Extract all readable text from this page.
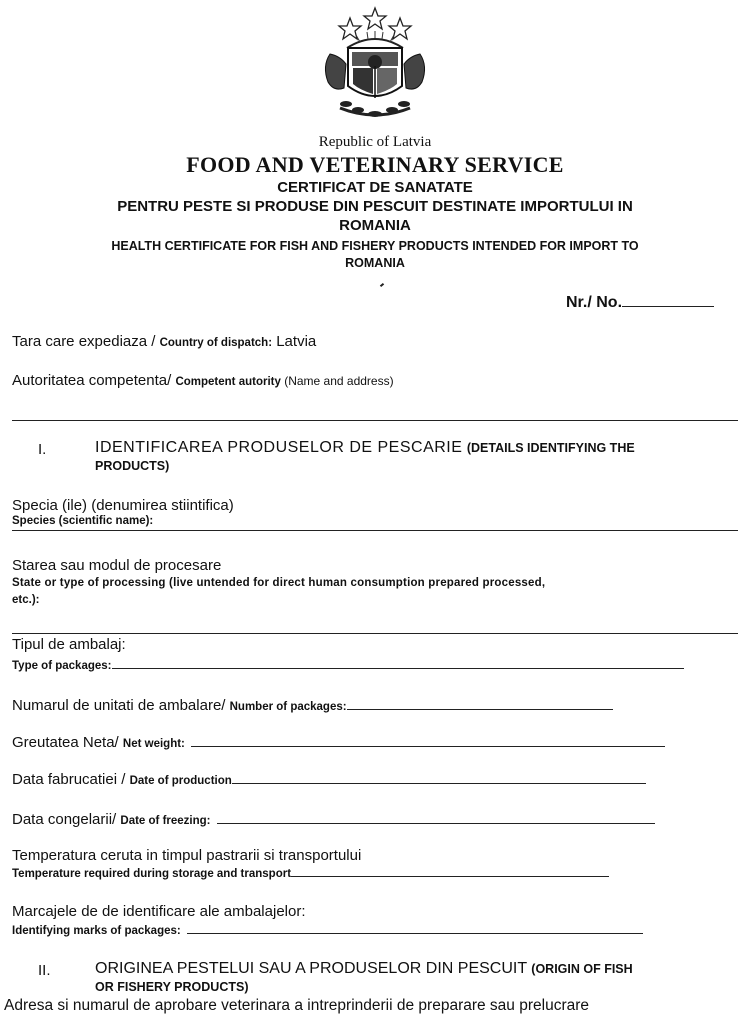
Republic of Latvia
FOOD AND VETERINARY SERVICE
CERTIFICAT DE SANATATE
PENTRU PESTE SI PRODUSE DIN PESCUIT DESTINATE IMPORTULUI IN
ROMANIA
HEALTH CERTIFICATE FOR FISH AND FISHERY PRODUCTS INTENDED FOR IMPORT TO
ROMANIA
Nr./ No.
Tara care expediaza / Country of dispatch: Latvia
Autoritatea competenta/ Competent autority (Name and address)
I.	IDENTIFICAREA PRODUSELOR DE PESCARIE (DETAILS IDENTIFYING THE
PRODUCTS)
Specia (ile) (denumirea stiintifica)
Species (scientific name):
Starea sau modul de procesare
State or type of processing (live untended for direct human consumption prepared processed,
etc.):
Tipul de ambalaj:
Type of packages:
Numarul de unitati de ambalare/ Number of packages:
Greutatea Neta/ Net weight:
Data fabrucatiei / Date of production
Data congelarii/ Date of freezing:
Temperatura ceruta in timpul pastrarii si transportului
Temperature required during storage and transport
Marcajele de de identificare ale ambalajelor:
Identifying marks of packages:
II.	ORIGINEA PESTELUI SAU A PRODUSELOR DIN PESCUIT (ORIGIN OF FISH
OR FISHERY PRODUCTS)
Adresa si numarul de aprobare veterinara a intreprinderii de preparare sau prelucrare
